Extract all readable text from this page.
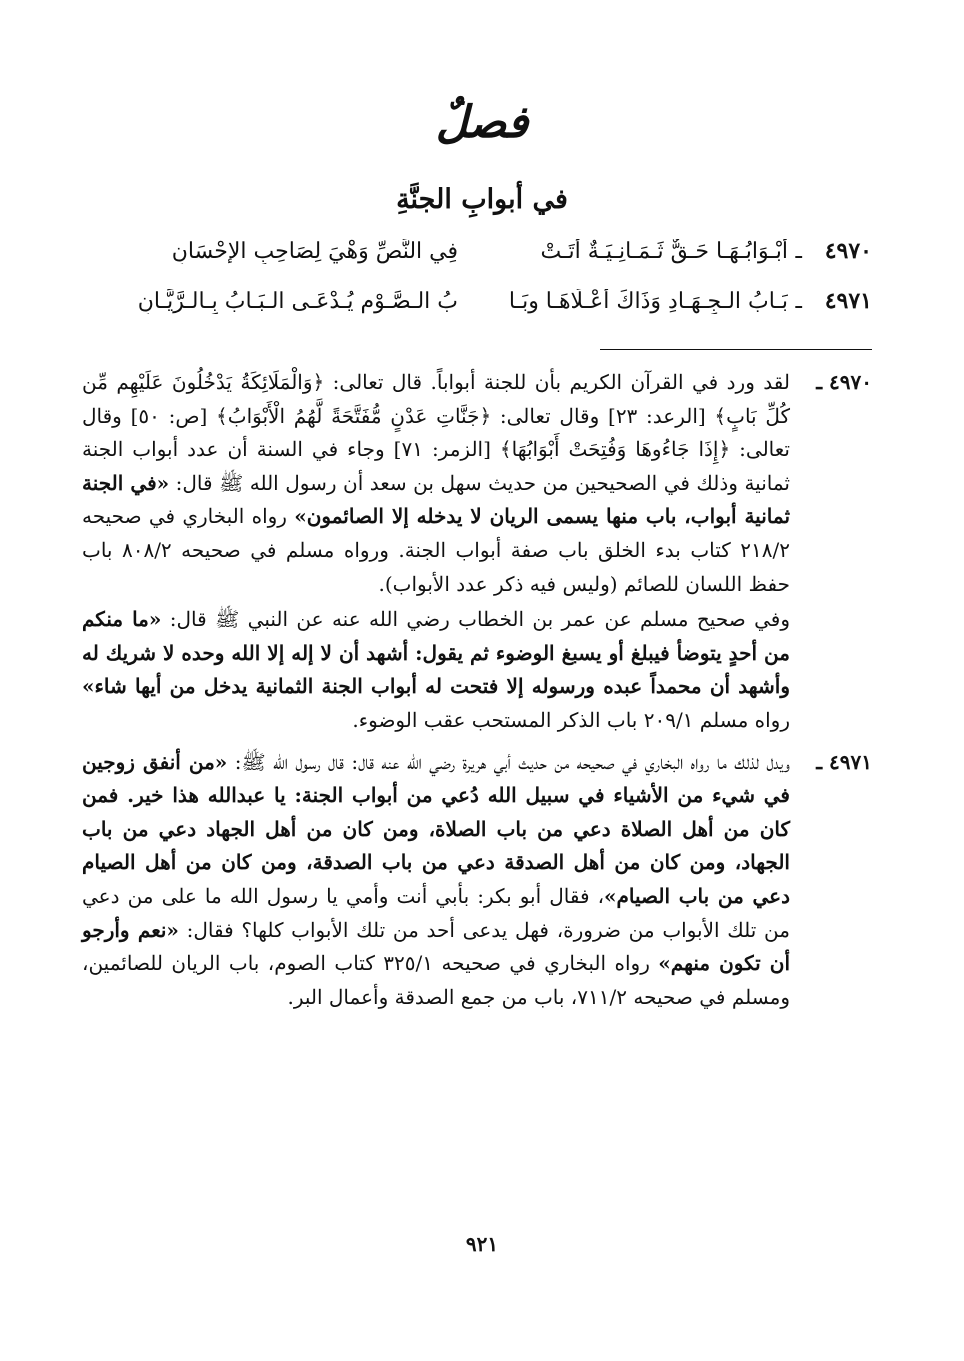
فصلٌ
في أبوابِ الجنَّةِ
٤٩٧٠
ـ
أَبْـوَابُـهَـا حَـقٌّ ثَـمَـانِـيَـةٌ أَتَـتْ
فِي النَّصِّ وَهْيَ لِصَاحِبِ الإِحْسَانِ
٤٩٧١
ـ
بَـابُ الـجِـهَـادِ وَذَاكَ أَعْـلَاهَـا وبَـا
بُ الـصَّـوْمِ يُـدْعَـى الـبَـابُ بِـالـرَّيَّـانِ
٤٩٧٠ ـ

لقد ورد في القرآن الكريم بأن للجنة أبواباً. قال تعالى: ﴿وَالْمَلَائِكَةُ يَدْخُلُونَ عَلَيْهِم مِّن كُلِّ بَابٍ﴾ [الرعد: ٢٣] وقال تعالى: ﴿جَنَّاتِ عَدْنٍ مُّفَتَّحَةً لَّهُمُ الْأَبْوَابُ﴾ [ص: ٥٠] وقال تعالى: ﴿إِذَا جَاءُوهَا وَفُتِحَتْ أَبْوَابُهَا﴾ [الزمر: ٧١] وجاء في السنة أن عدد أبواب الجنة ثمانية وذلك في الصحيحين من حديث سهل بن سعد أن رسول الله ﷺ قال: «في الجنة ثمانية أبواب، باب منها يسمى الريان لا يدخله إلا الصائمون» رواه البخاري في صحيحه ٢١٨/٢ كتاب بدء الخلق باب صفة أبواب الجنة. ورواه مسلم في صحيحه ٨٠٨/٢ باب حفظ اللسان للصائم (وليس فيه ذكر عدد الأبواب).

وفي صحيح مسلم عن عمر بن الخطاب رضي الله عنه عن النبي ﷺ قال: «ما منكم من أحدٍ يتوضأ فيبلغ أو يسبغ الوضوء ثم يقول: أشهد أن لا إله إلا الله وحده لا شريك له وأشهد أن محمداً عبده ورسوله إلا فتحت له أبواب الجنة الثمانية يدخل من أيها شاء» رواه مسلم ٢٠٩/١ باب الذكر المستحب عقب الوضوء.

٤٩٧١ ـ

ويدل لذلك ما رواه البخاري في صحيحه من حديث أبي هريرة رضي الله عنه قال: قال رسول الله ﷺ: «من أنفق زوجين في شيء من الأشياء في سبيل الله دُعي من أبواب الجنة: يا عبدالله هذا خير. فمن كان من أهل الصلاة دعي من باب الصلاة، ومن كان من أهل الجهاد دعي من باب الجهاد، ومن كان من أهل الصدقة دعي من باب الصدقة، ومن كان من أهل الصيام دعي من باب الصيام»، فقال أبو بكر: بأبي أنت وأمي يا رسول الله ما على من دعي من تلك الأبواب من ضرورة، فهل يدعى أحد من تلك الأبواب كلها؟ فقال: «نعم وأرجو أن تكون منهم» رواه البخاري في صحيحه ٣٢٥/١ كتاب الصوم، باب الريان للصائمين، ومسلم في صحيحه ٧١١/٢، باب من جمع الصدقة وأعمال البر.

٩٢١
